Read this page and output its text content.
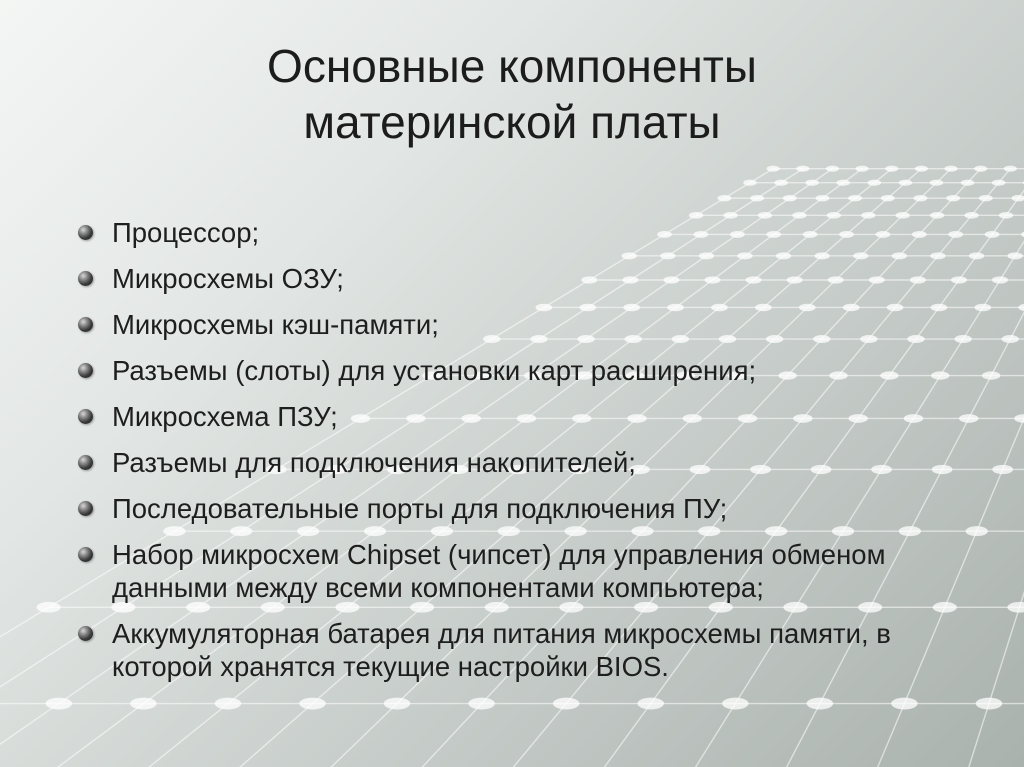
Основные компоненты
материнской платы
Процессор;
Микросхемы ОЗУ;
Микросхемы кэш-памяти;
Разъемы (слоты) для установки карт расширения;
Микросхема ПЗУ;
Разъемы для подключения накопителей;
Последовательные порты для подключения ПУ;
Набор микросхем Chipset (чипсет) для управления обменом данными между всеми компонентами компьютера;
Аккумуляторная батарея для питания микросхемы памяти, в которой хранятся текущие настройки BIOS.
